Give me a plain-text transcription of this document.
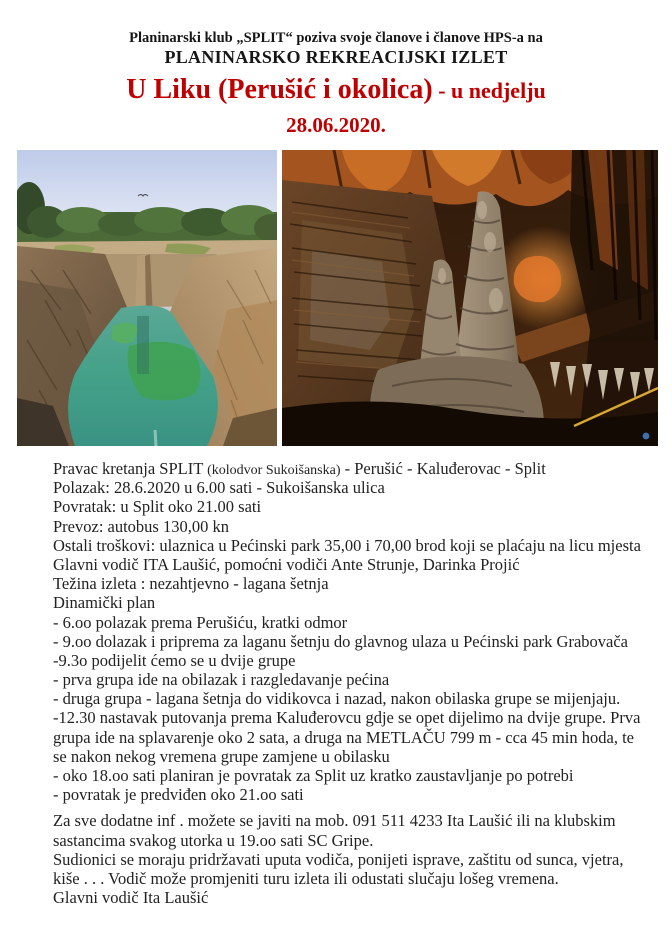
Planinarski klub „SPLIT“ poziva svoje članove i članove HPS-a na
PLANINARSKO REKREACIJSKI IZLET
U Liku (Perušić i okolica) - u nedjelju
28.06.2020.
Pravac kretanja SPLIT (kolodvor Sukoišanska) - Perušić - Kaluđerovac - Split
Polazak: 28.6.2020 u 6.00 sati - Sukoišanska ulica
Povratak: u Split oko 21.00 sati
Prevoz: autobus 130,00 kn
Ostali troškovi: ulaznica u Pećinski park 35,00 i 70,00 brod koji se plaćaju na licu mjesta
Glavni vodič ITA Laušić, pomoćni vodiči Ante Strunje, Darinka Projić
Težina izleta : nezahtjevno - lagana šetnja
Dinamički plan
- 6.oo polazak prema Perušiću, kratki odmor
- 9.oo dolazak i priprema za laganu šetnju do glavnog ulaza u Pećinski park Grabovača
-9.3o podijelit ćemo se u dvije grupe
- prva grupa ide na obilazak i razgledavanje pećina
- druga grupa - lagana šetnja do vidikovca i nazad, nakon obilaska grupe se mijenjaju.
-12.30 nastavak putovanja prema Kaluđerovcu gdje se opet dijelimo na dvije grupe. Prva
grupa ide na splavarenje oko 2 sata, a druga na METLAČU 799 m - cca 45 min hoda, te
se nakon nekog vremena grupe zamjene u obilasku
- oko 18.oo sati planiran je povratak za Split uz kratko zaustavljanje po potrebi
- povratak je predviđen oko 21.oo sati
Za sve dodatne inf . možete se javiti na mob. 091 511 4233 Ita Laušić ili na klubskim
sastancima svakog utorka u 19.oo sati SC Gripe.
Sudionici se moraju pridržavati uputa vodiča, ponijeti isprave, zaštitu od sunca, vjetra,
kiše . . . Vodič može promjeniti turu izleta ili odustati slučaju lošeg vremena.
Glavni vodič Ita Laušić
